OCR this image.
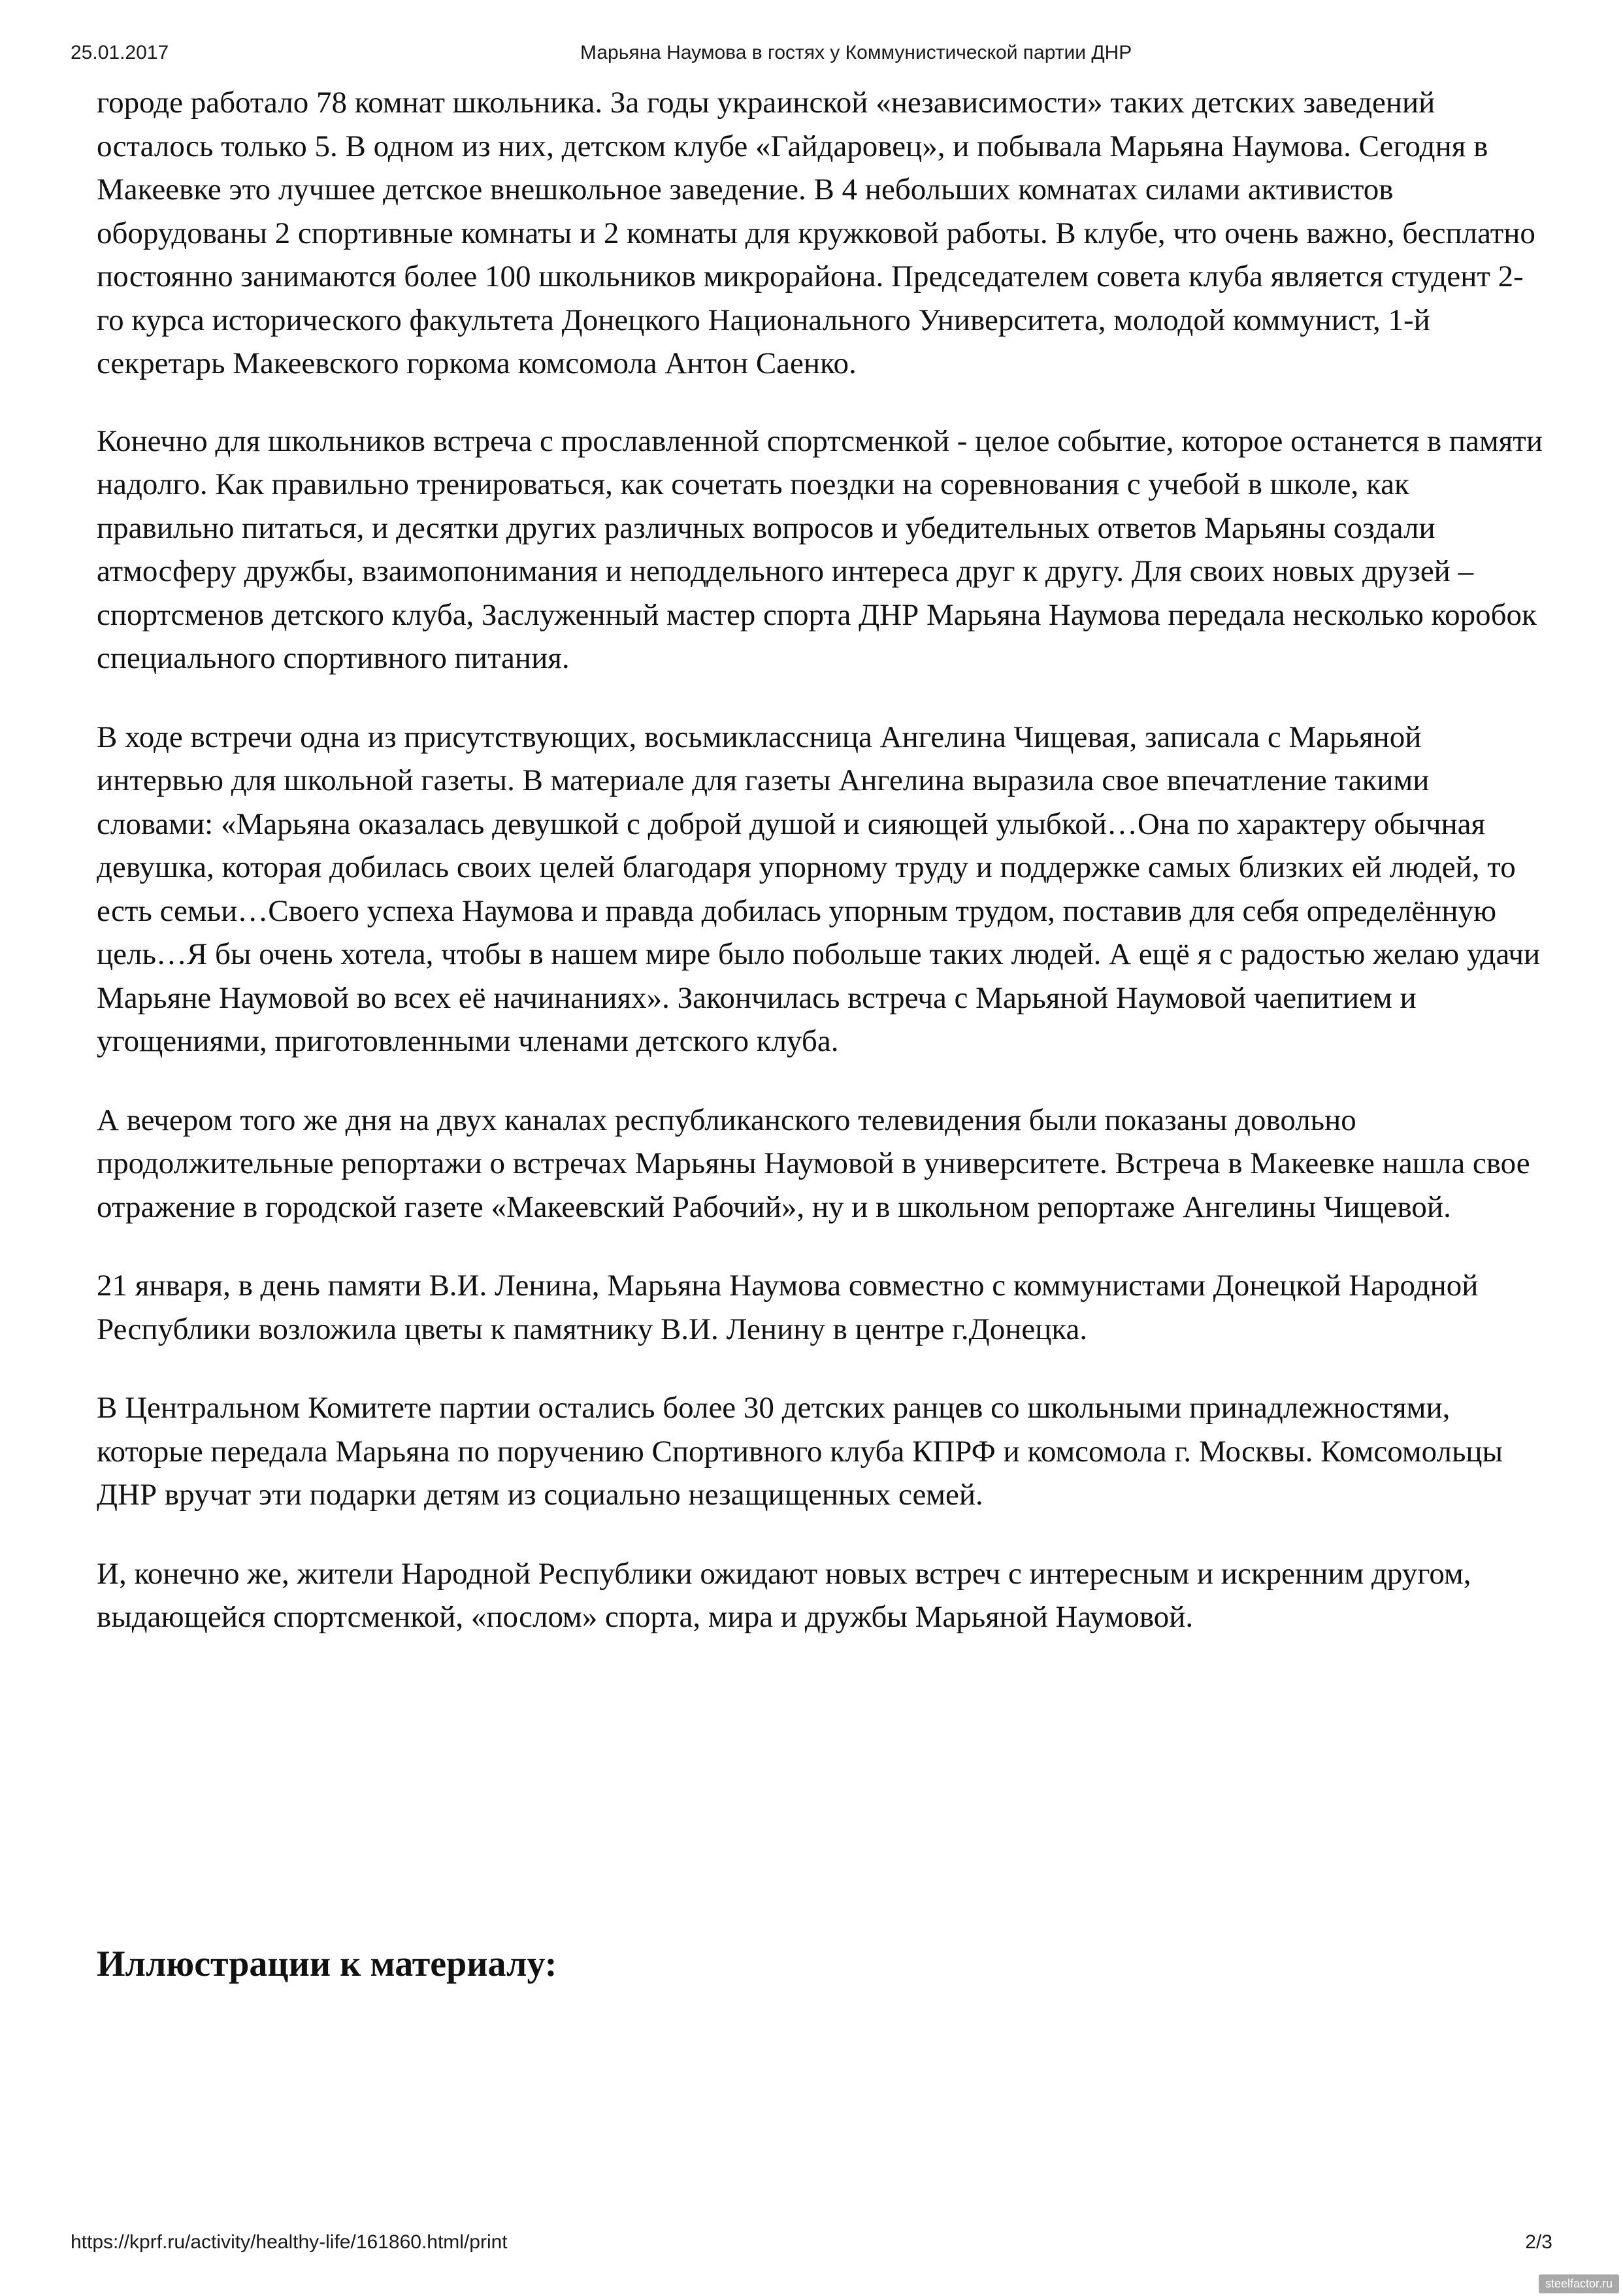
25.01.2017	Марьяна Наумова в гостях у Коммунистической партии ДНР

городе работало 78 комнат школьника. За годы украинской «независимости» таких детских заведений осталось только 5. В одном из них, детском клубе «Гайдаровец», и побывала Марьяна Наумова. Сегодня в Макеевке это лучшее детское внешкольное заведение. В 4 небольших комнатах силами активистов оборудованы 2 спортивные комнаты и 2 комнаты для кружковой работы. В клубе, что очень важно, бесплатно постоянно занимаются более 100 школьников микрорайона. Председателем совета клуба является студент 2-го курса исторического факультета Донецкого Национального Университета, молодой коммунист, 1-й секретарь Макеевского горкома комсомола Антон Саенко.

Конечно для школьников встреча с прославленной спортсменкой - целое событие, которое останется в памяти надолго. Как правильно тренироваться, как сочетать поездки на соревнования с учебой в школе, как правильно питаться, и десятки других различных вопросов и убедительных ответов Марьяны создали атмосферу дружбы, взаимопонимания и неподдельного интереса друг к другу. Для своих новых друзей – спортсменов детского клуба, Заслуженный мастер спорта ДНР Марьяна Наумова передала несколько коробок специального спортивного питания.

В ходе встречи одна из присутствующих, восьмиклассница Ангелина Чищевая, записала с Марьяной интервью для школьной газеты. В материале для газеты Ангелина выразила свое впечатление такими словами: «Марьяна оказалась девушкой с доброй душой и сияющей улыбкой…Она по характеру обычная девушка, которая добилась своих целей благодаря упорному труду и поддержке самых близких ей людей, то есть семьи…Своего успеха Наумова и правда добилась упорным трудом, поставив для себя определённую цель…Я бы очень хотела, чтобы в нашем мире было побольше таких людей. А ещё я с радостью желаю удачи Марьяне Наумовой во всех её начинаниях». Закончилась встреча с Марьяной Наумовой чаепитием и угощениями, приготовленными членами детского клуба.

А вечером того же дня на двух каналах республиканского телевидения были показаны довольно продолжительные репортажи о встречах Марьяны Наумовой в университете. Встреча в Макеевке нашла свое отражение в городской газете «Макеевский Рабочий», ну и в школьном репортаже Ангелины Чищевой.

21 января, в день памяти В.И. Ленина, Марьяна Наумова совместно с коммунистами Донецкой Народной Республики возложила цветы к памятнику В.И. Ленину в центре г.Донецка.

В Центральном Комитете партии остались более 30 детских ранцев со школьными принадлежностями, которые передала Марьяна по поручению Спортивного клуба КПРФ и комсомола г. Москвы. Комсомольцы ДНР вручат эти подарки детям из социально незащищенных семей.

И, конечно же, жители Народной Республики ожидают новых встреч с интересным и искренним другом, выдающейся спортсменкой, «послом» спорта, мира и дружбы Марьяной Наумовой.

Иллюстрации к материалу:
https://kprf.ru/activity/healthy-life/161860.html/print	2/3
steelfactor.ru
